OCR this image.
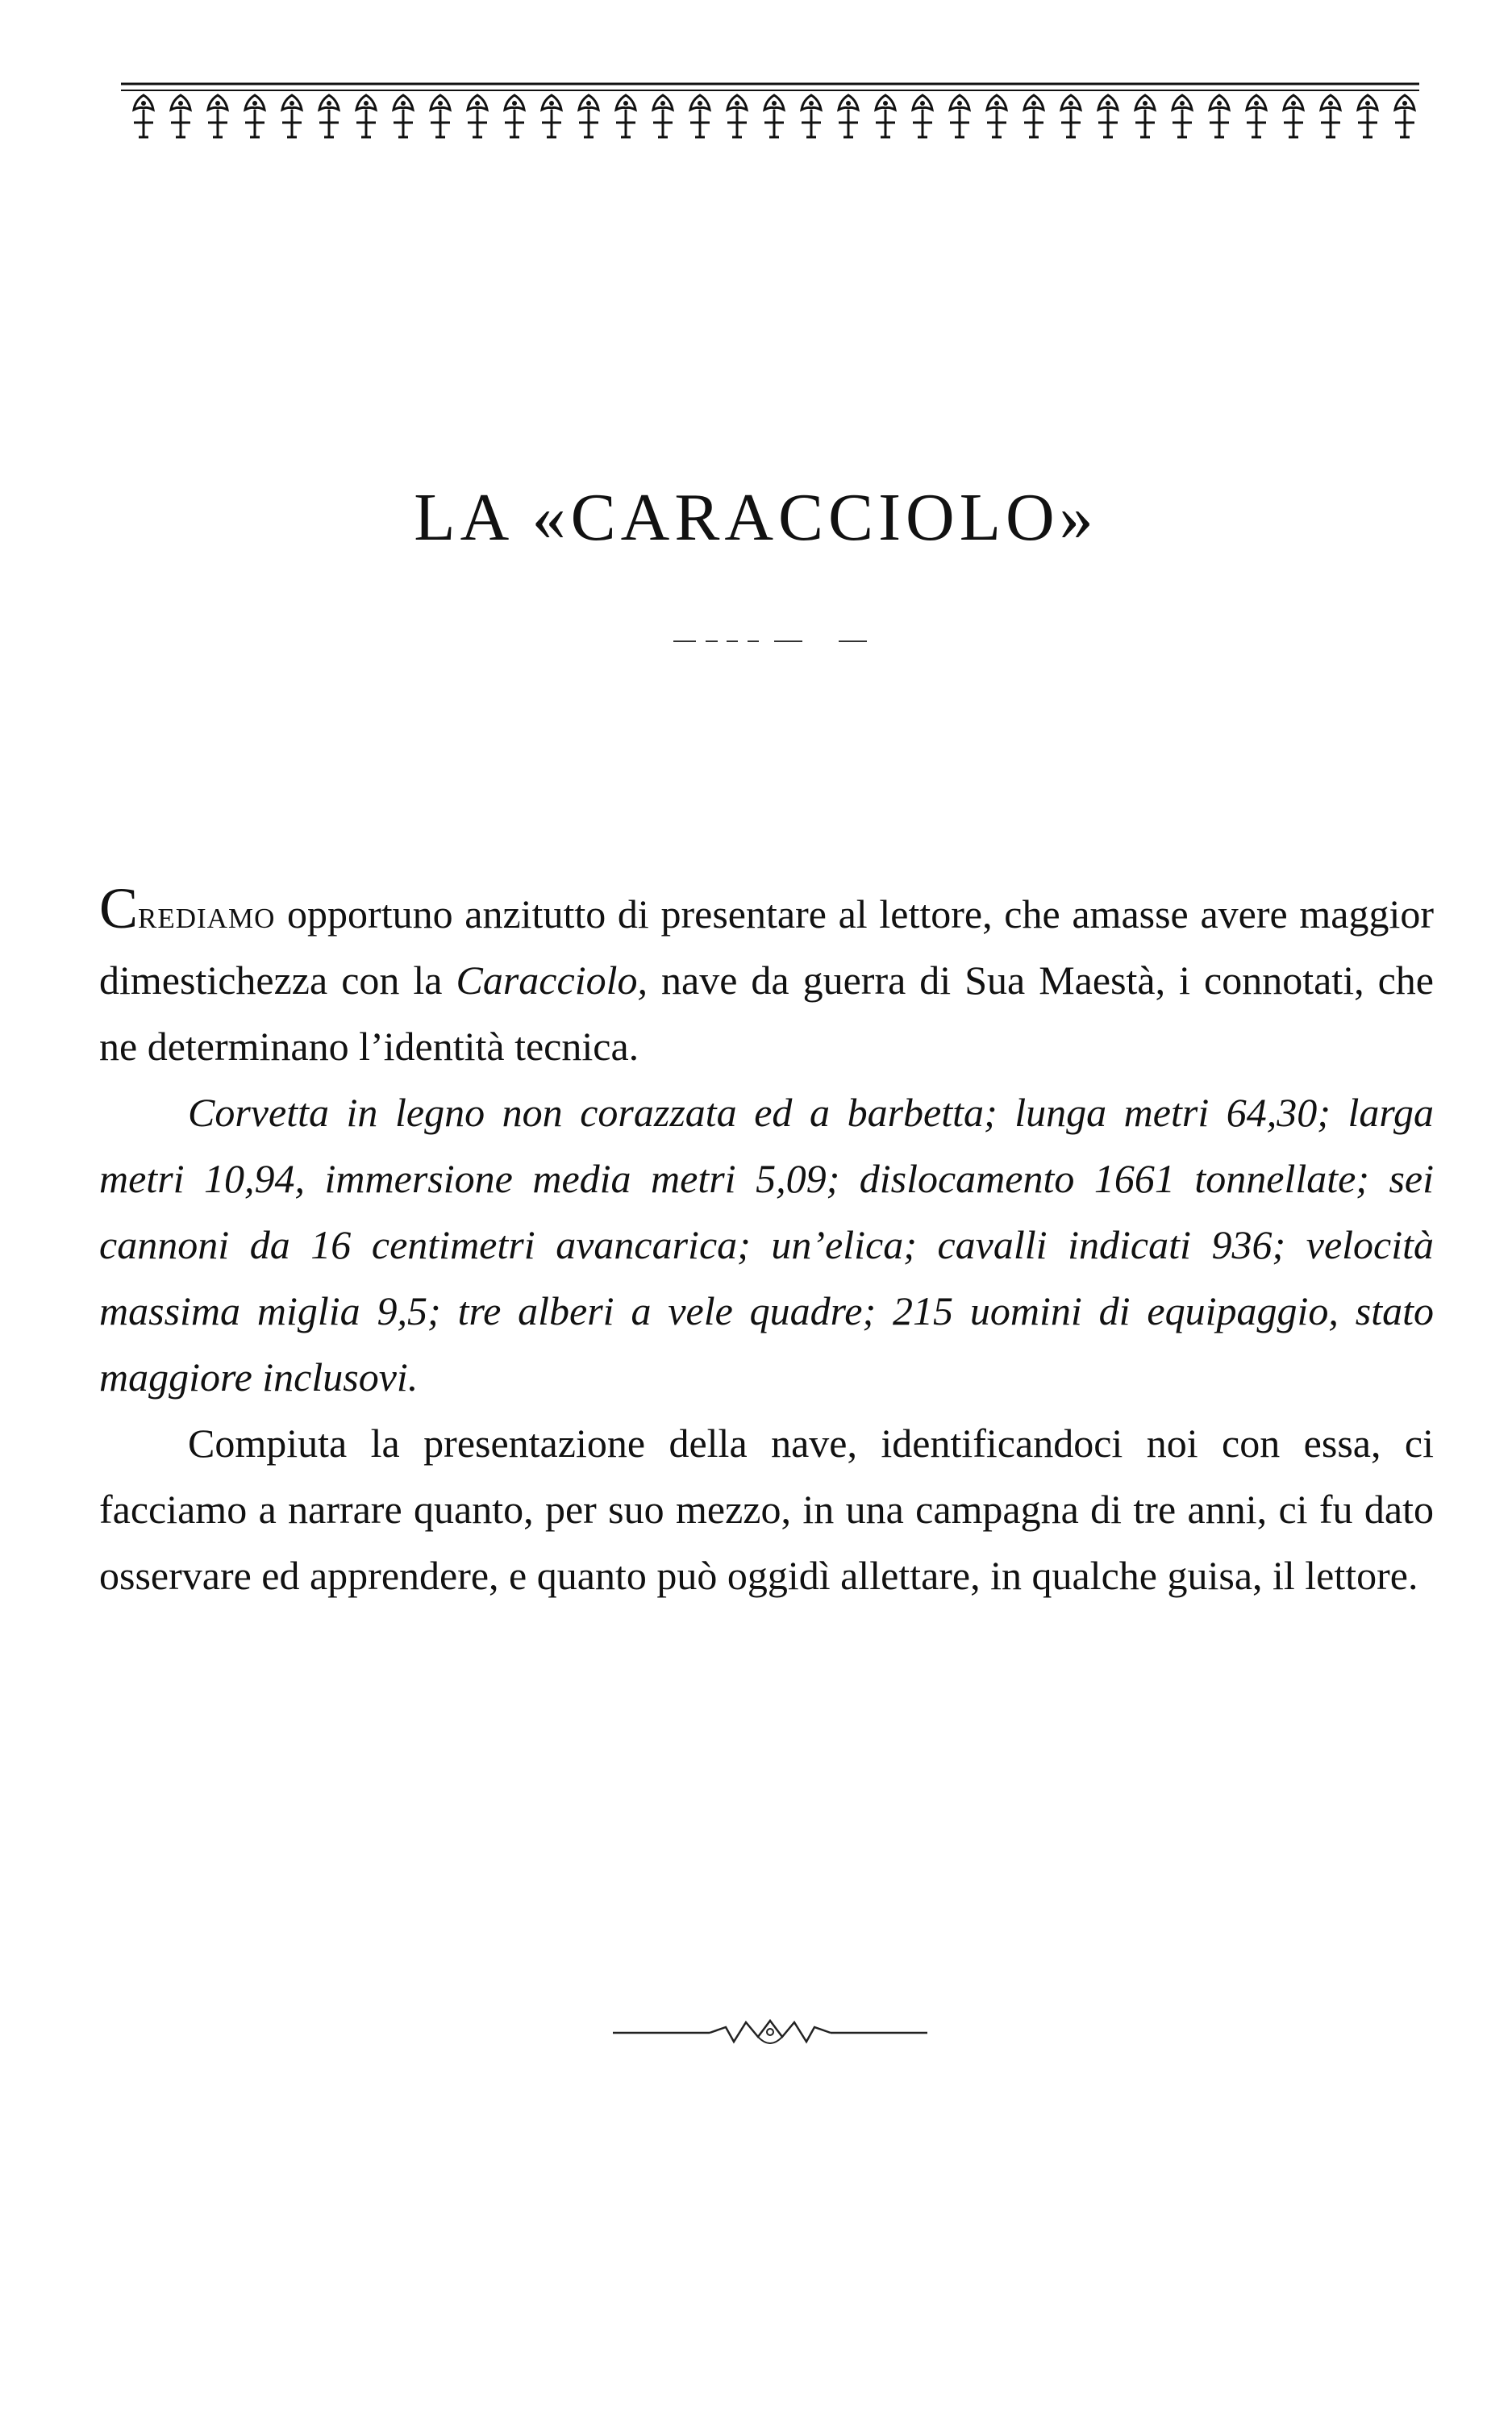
LA «CARACCIOLO»

Crediamo opportuno anzitutto di presentare al lettore, che amasse avere maggior dimestichezza con la Caracciolo, nave da guerra di Sua Maestà, i connotati, che ne determinano l’identità tecnica.

Corvetta in legno non corazzata ed a barbetta; lunga metri 64,30; larga metri 10,94, immersione media metri 5,09; dislocamento 1661 tonnellate; sei cannoni da 16 centimetri avancarica; un’elica; cavalli indicati 936; velocità massima miglia 9,5; tre alberi a vele quadre; 215 uomini di equipaggio, stato maggiore inclusovi.

Compiuta la presentazione della nave, identificandoci noi con essa, ci facciamo a narrare quanto, per suo mezzo, in una campagna di tre anni, ci fu dato osservare ed apprendere, e quanto può oggidì allettare, in qualche guisa, il lettore.
